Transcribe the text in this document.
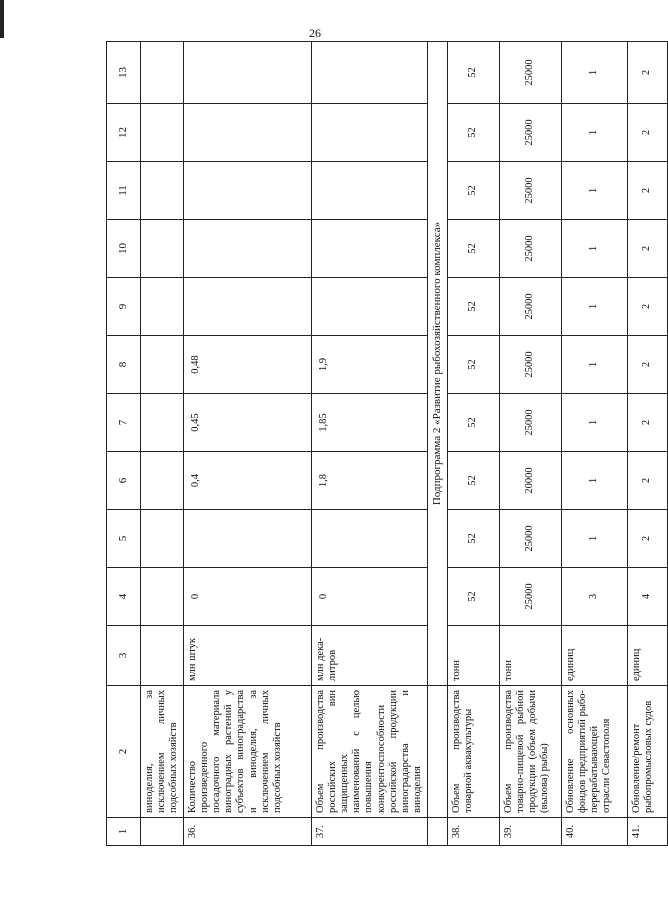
26
1	2	3	4	5	6	7	8	9	10	11	12	13
	виноделия, за исключением личных подсобных хозяйств											
36.	Количество произведенного посадочного материала виноградных растений у субъектов виноградарства и виноделия, за исключением личных подсобных хозяйств	млн штук	0		0,4	0,45	0,48					
37.	Объем производства российских вин защищенных наименований с целью повышения конкурентоспособности российской продукции виноградарства и виноделия	млн дека-литров	0		1,8	1,85	1,9					
		Подпрограмма 2 «Развитие рыбохозяйственного комплекса»										
38.	Объем производства товарной аквакультуры	тонн	52	52	52	52	52	52	52	52	52	52
39.	Объем производства товарно-пищевой рыбной продукции (объем добычи (вылова) рыбы)	тонн	25000	25000	20000	25000	25000	25000	25000	25000	25000	25000
40.	Обновление основных фондов предприятий рыбо-перерабатывающей отрасли Севастополя	единиц	3	1	1	1	1	1	1	1	1	1
41.	Обновление/ремонт рыбопромысловых судов	единиц	4	2	2	2	2	2	2	2	2	2
